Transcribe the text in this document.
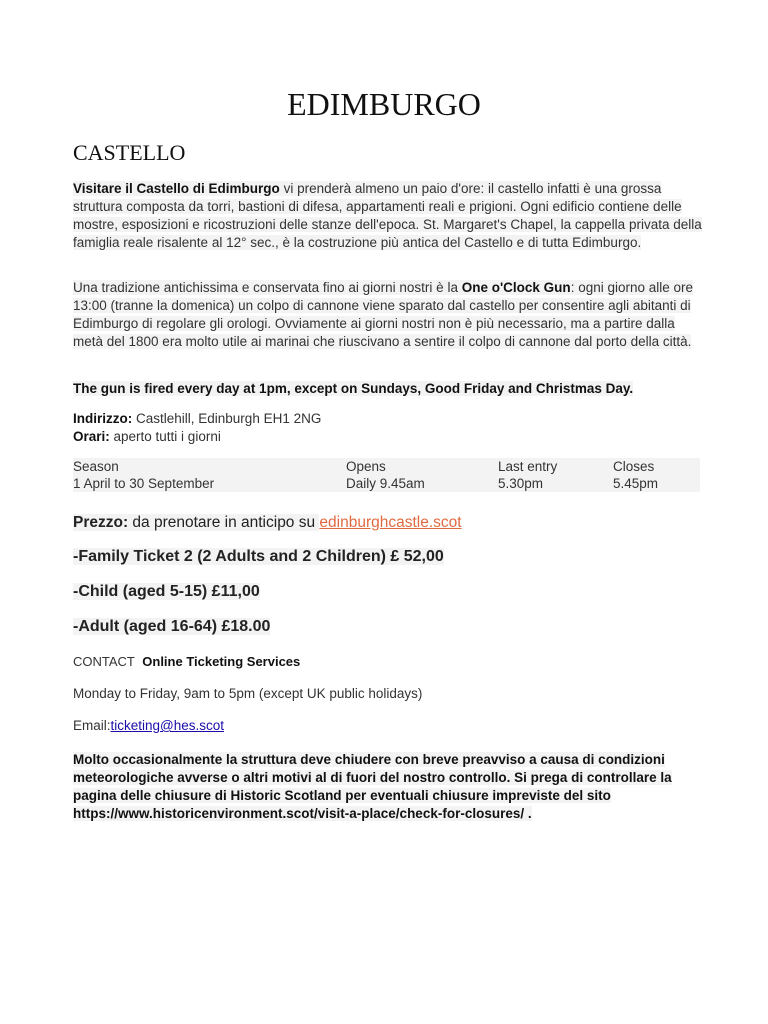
EDIMBURGO
CASTELLO
Visitare il Castello di Edimburgo vi prenderà almeno un paio d'ore: il castello infatti è una grossa struttura composta da torri, bastioni di difesa, appartamenti reali e prigioni. Ogni edificio contiene delle mostre, esposizioni e ricostruzioni delle stanze dell'epoca. St. Margaret's Chapel, la cappella privata della famiglia reale risalente al 12° sec., è la costruzione più antica del Castello e di tutta Edimburgo.
Una tradizione antichissima e conservata fino ai giorni nostri è la One o'Clock Gun: ogni giorno alle ore 13:00 (tranne la domenica) un colpo di cannone viene sparato dal castello per consentire agli abitanti di Edimburgo di regolare gli orologi. Ovviamente ai giorni nostri non è più necessario, ma a partire dalla metà del 1800 era molto utile ai marinai che riuscivano a sentire il colpo di cannone dal porto della città.
The gun is fired every day at 1pm, except on Sundays, Good Friday and Christmas Day.
Indirizzo: Castlehill, Edinburgh EH1 2NG
Orari: aperto tutti i giorni
Season	Opens	Last entry	Closes
1 April to 30 September	Daily 9.45am	5.30pm	5.45pm
Prezzo: da prenotare in anticipo su edinburghcastle.scot
-Family Ticket 2 (2 Adults and 2 Children) £ 52,00
-Child (aged 5-15) £11,00
-Adult (aged 16-64) £18.00
CONTACT Online Ticketing Services
Monday to Friday, 9am to 5pm (except UK public holidays)
Email:ticketing@hes.scot
Molto occasionalmente la struttura deve chiudere con breve preavviso a causa di condizioni meteorologiche avverse o altri motivi al di fuori del nostro controllo. Si prega di controllare la pagina delle chiusure di Historic Scotland per eventuali chiusure impreviste del sito https://www.historicenvironment.scot/visit-a-place/check-for-closures/ .
